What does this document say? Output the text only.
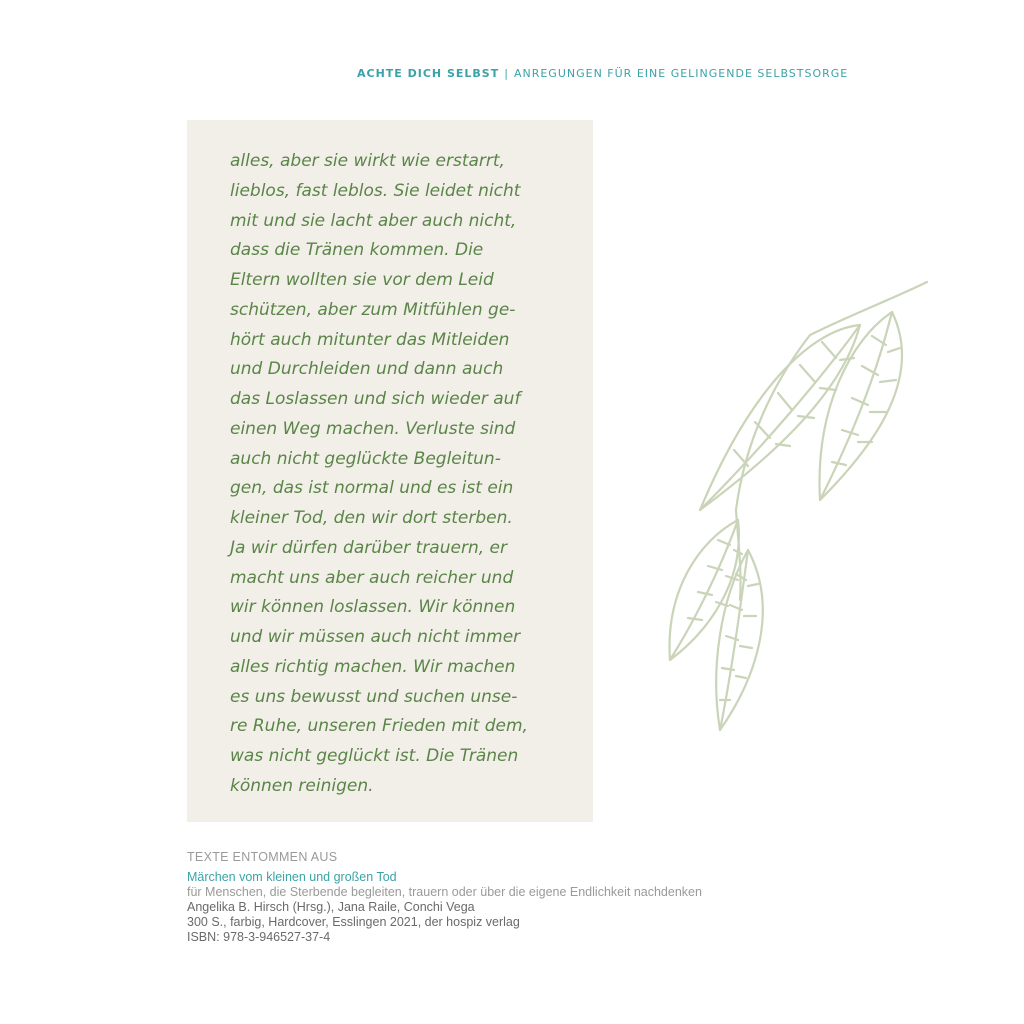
ACHTE DICH SELBST | ANREGUNGEN FÜR EINE GELINGENDE SELBSTSORGE
alles, aber sie wirkt wie erstarrt,
lieblos, fast leblos. Sie leidet nicht
mit und sie lacht aber auch nicht,
dass die Tränen kommen. Die
Eltern wollten sie vor dem Leid
schützen, aber zum Mitfühlen ge-
hört auch mitunter das Mitleiden
und Durchleiden und dann auch
das Loslassen und sich wieder auf
einen Weg machen. Verluste sind
auch nicht geglückte Begleitun-
gen, das ist normal und es ist ein
kleiner Tod, den wir dort sterben.
Ja wir dürfen darüber trauern, er
macht uns aber auch reicher und
wir können loslassen. Wir können
und wir müssen auch nicht immer
alles richtig machen. Wir machen
es uns bewusst und suchen unse-
re Ruhe, unseren Frieden mit dem,
was nicht geglückt ist. Die Tränen
können reinigen.
TEXTE ENTOMMEN AUS
Märchen vom kleinen und großen Tod
für Menschen, die Sterbende begleiten, trauern oder über die eigene Endlichkeit nachdenken
Angelika B. Hirsch (Hrsg.), Jana Raile, Conchi Vega
300 S., farbig, Hardcover, Esslingen 2021, der hospiz verlag
ISBN: 978-3-946527-37-4
